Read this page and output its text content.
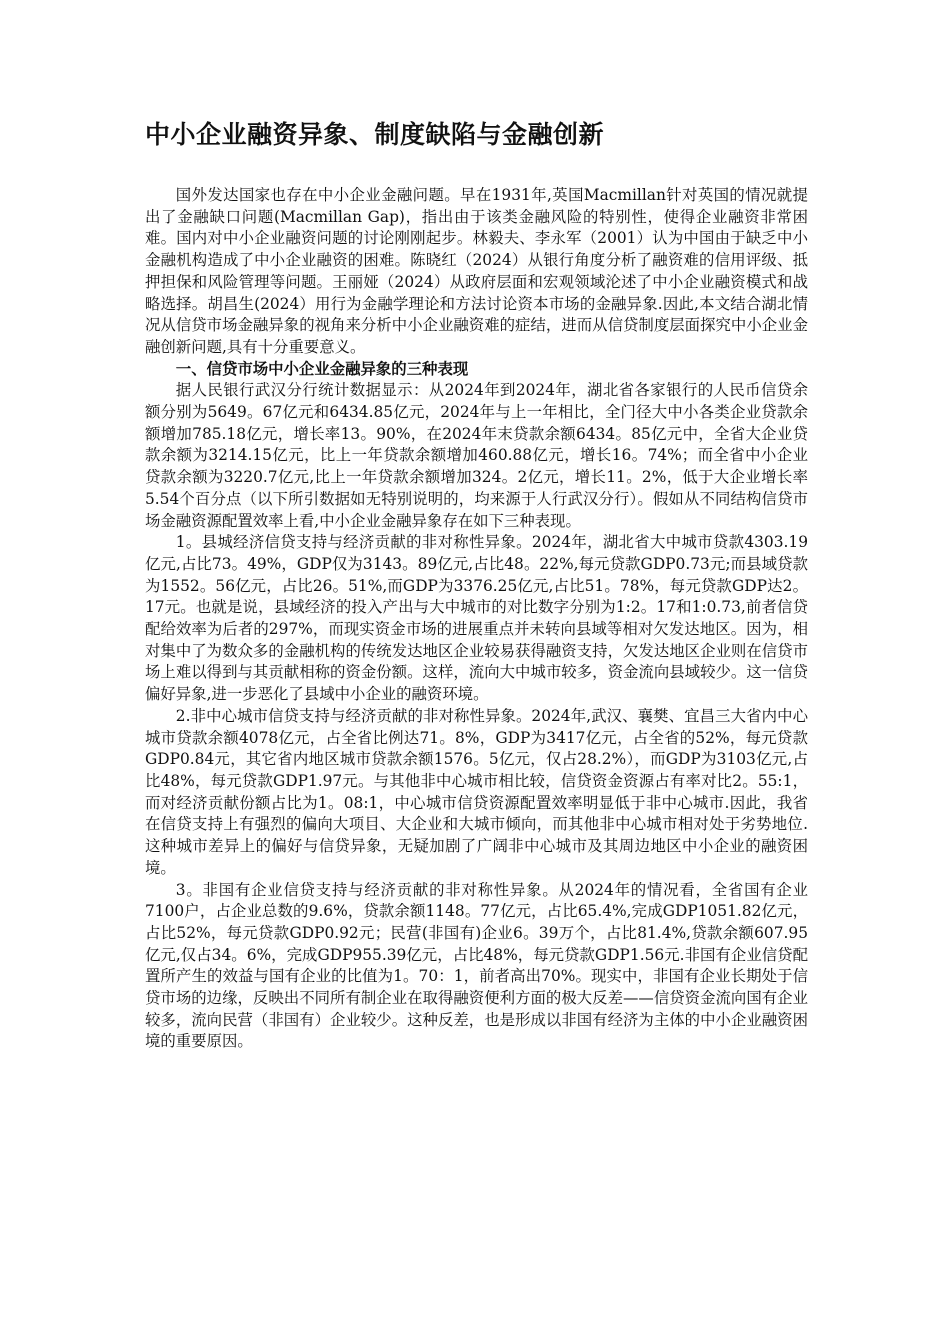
中小企业融资异象、制度缺陷与金融创新

国外发达国家也存在中小企业金融问题。早在1931年,英国Macmillan针对英国的情况就提出了金融缺口问题(Macmillan Gap)，指出由于该类金融风险的特别性，使得企业融资非常困难。国内对中小企业融资问题的讨论刚刚起步。林毅夫、李永军（2001）认为中国由于缺乏中小金融机构造成了中小企业融资的困难。陈晓红（2024）从银行角度分析了融资难的信用评级、抵押担保和风险管理等问题。王丽娅（2024）从政府层面和宏观领域沦述了中小企业融资模式和战略选择。胡昌生(2024）用行为金融学理论和方法讨论资本市场的金融异象.因此,本文结合湖北情况从信贷市场金融异象的视角来分析中小企业融资难的症结，进而从信贷制度层面探究中小企业金融创新问题,具有十分重要意义。

一、信贷市场中小企业金融异象的三种表现

据人民银行武汉分行统计数据显示：从2024年到2024年，湖北省各家银行的人民币信贷余额分别为5649。67亿元和6434.85亿元，2024年与上一年相比，全门径大中小各类企业贷款余额增加785.18亿元，增长率13。90%，在2024年末贷款余额6434。85亿元中，全省大企业贷款余额为3214.15亿元，比上一年贷款余额增加460.88亿元，增长16。74%；而全省中小企业贷款余额为3220.7亿元,比上一年贷款余额增加324。2亿元，增长11。2%，低于大企业增长率5.54个百分点（以下所引数据如无特别说明的，均来源于人行武汉分行）。假如从不同结构信贷市场金融资源配置效率上看,中小企业金融异象存在如下三种表现。

1。县城经济信贷支持与经济贡献的非对称性异象。2024年，湖北省大中城市贷款4303.19亿元,占比73。49%，GDP仅为3143。89亿元,占比48。22%,每元贷款GDP0.73元;而县域贷款为1552。56亿元，占比26。51%,而GDP为3376.25亿元,占比51。78%，每元贷款GDP达2。17元。也就是说，县域经济的投入产出与大中城市的对比数字分别为1:2。17和1:0.73,前者信贷配给效率为后者的297%，而现实资金市场的进展重点并未转向县域等相对欠发达地区。因为，相对集中了为数众多的金融机构的传统发达地区企业较易获得融资支持，欠发达地区企业则在信贷市场上难以得到与其贡献相称的资金份额。这样，流向大中城市较多，资金流向县域较少。这一信贷偏好异象,进一步恶化了县域中小企业的融资环境。

2.非中心城市信贷支持与经济贡献的非对称性异象。2024年,武汉、襄樊、宜昌三大省内中心城市贷款余额4078亿元，占全省比例达71。8%，GDP为3417亿元，占全省的52%，每元贷款GDP0.84元，其它省内地区城市贷款余额1576。5亿元，仅占28.2%），而GDP为3103亿元,占比48%，每元贷款GDP1.97元。与其他非中心城市相比较，信贷资金资源占有率对比2。55:1，而对经济贡献份额占比为1。08:1，中心城市信贷资源配置效率明显低于非中心城市.因此，我省在信贷支持上有强烈的偏向大项目、大企业和大城市倾向，而其他非中心城市相对处于劣势地位.这种城市差异上的偏好与信贷异象，无疑加剧了广阔非中心城市及其周边地区中小企业的融资困境。

3。非国有企业信贷支持与经济贡献的非对称性异象。从2024年的情况看，全省国有企业7100户，占企业总数的9.6%，贷款余额1148。77亿元，占比65.4%,完成GDP1051.82亿元，占比52%，每元贷款GDP0.92元；民营(非国有)企业6。39万个，占比81.4%,贷款余额607.95亿元,仅占34。6%，完成GDP955.39亿元，占比48%，每元贷款GDP1.56元.非国有企业信贷配置所产生的效益与国有企业的比值为1。70：1，前者高出70%。现实中，非国有企业长期处于信贷市场的边缘，反映出不同所有制企业在取得融资便利方面的极大反差——信贷资金流向国有企业较多，流向民营（非国有）企业较少。这种反差，也是形成以非国有经济为主体的中小企业融资困境的重要原因。
